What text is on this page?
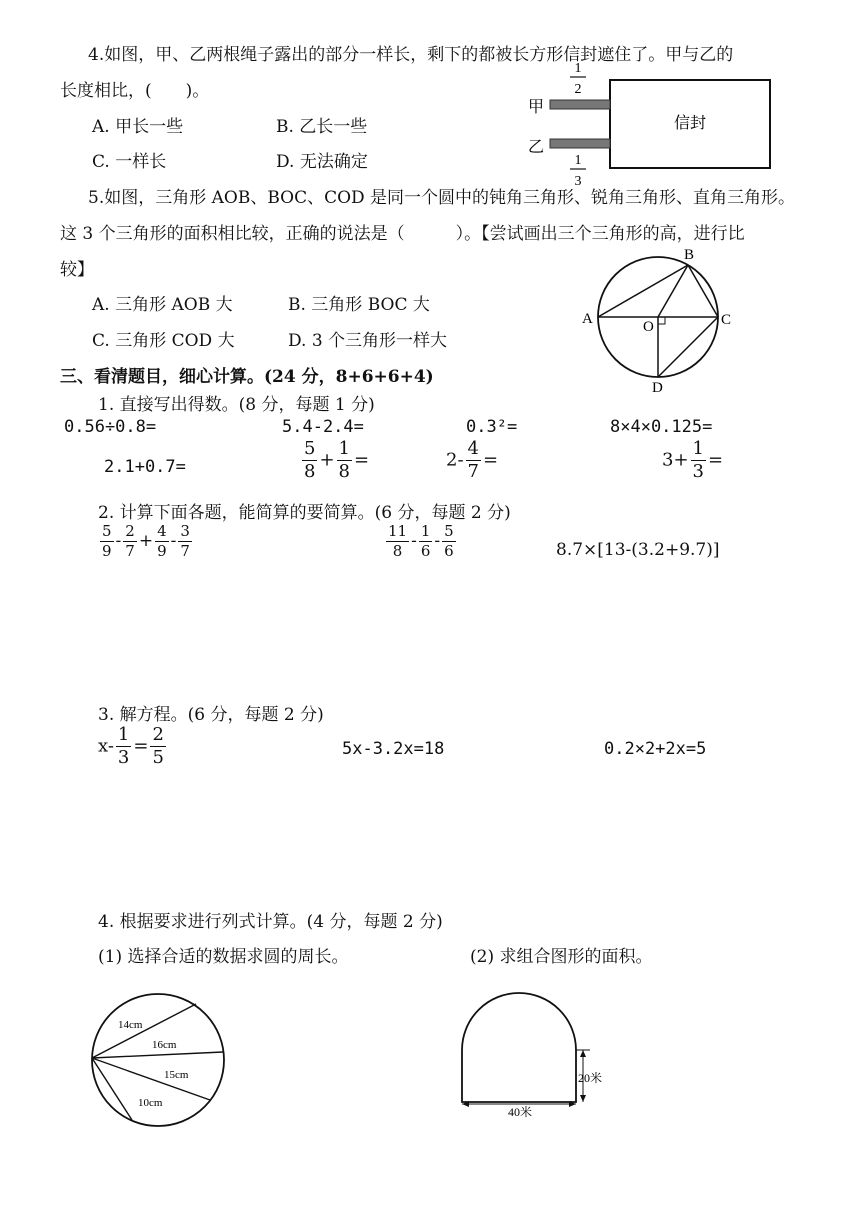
4.如图，甲、乙两根绳子露出的部分一样长，剩下的都被长方形信封遮住了。甲与乙的
长度相比，(　　)。
A. 甲长一些	B. 乙长一些
C. 一样长	D. 无法确定
1
2
信封
甲
乙
1
3
5.如图，三角形 AOB、BOC、COD 是同一个圆中的钝角三角形、锐角三角形、直角三角形。
这 3 个三角形的面积相比较，正确的说法是（　　　）。【尝试画出三个三角形的高，进行比
较】
A. 三角形 AOB 大	B. 三角形 BOC 大
C. 三角形 COD 大	D. 3 个三角形一样大
A
B
C
D
O
三、看清题目，细心计算。(24 分，8+6+6+4)
1. 直接写出得数。(8 分，每题 1 分)
0.56÷0.8=	5.4-2.4=	0.3²=	8×4×0.125=
2.1+0.7=	$\frac{5}{8} + \frac{1}{8}$ =	$2- \frac{4}{7}$ =	$3+ \frac{1}{3}$ =
2. 计算下面各题，能简算的要简算。(6 分，每题 2 分)
$\frac{5}{9} - \frac{2}{7} + \frac{4}{9} - \frac{3}{7}$	$\frac{11}{8} - \frac{1}{6} - \frac{5}{6}$	8.7×[13-(3.2+9.7)]
3. 解方程。(6 分，每题 2 分)
$x- \frac{1}{3} = \frac{2}{5}$	5x-3.2x=18	0.2×2+2x=5
4. 根据要求进行列式计算。(4 分，每题 2 分)
(1) 选择合适的数据求圆的周长。	(2) 求组合图形的面积。
14cm
16cm
15cm
10cm
20米
40米
